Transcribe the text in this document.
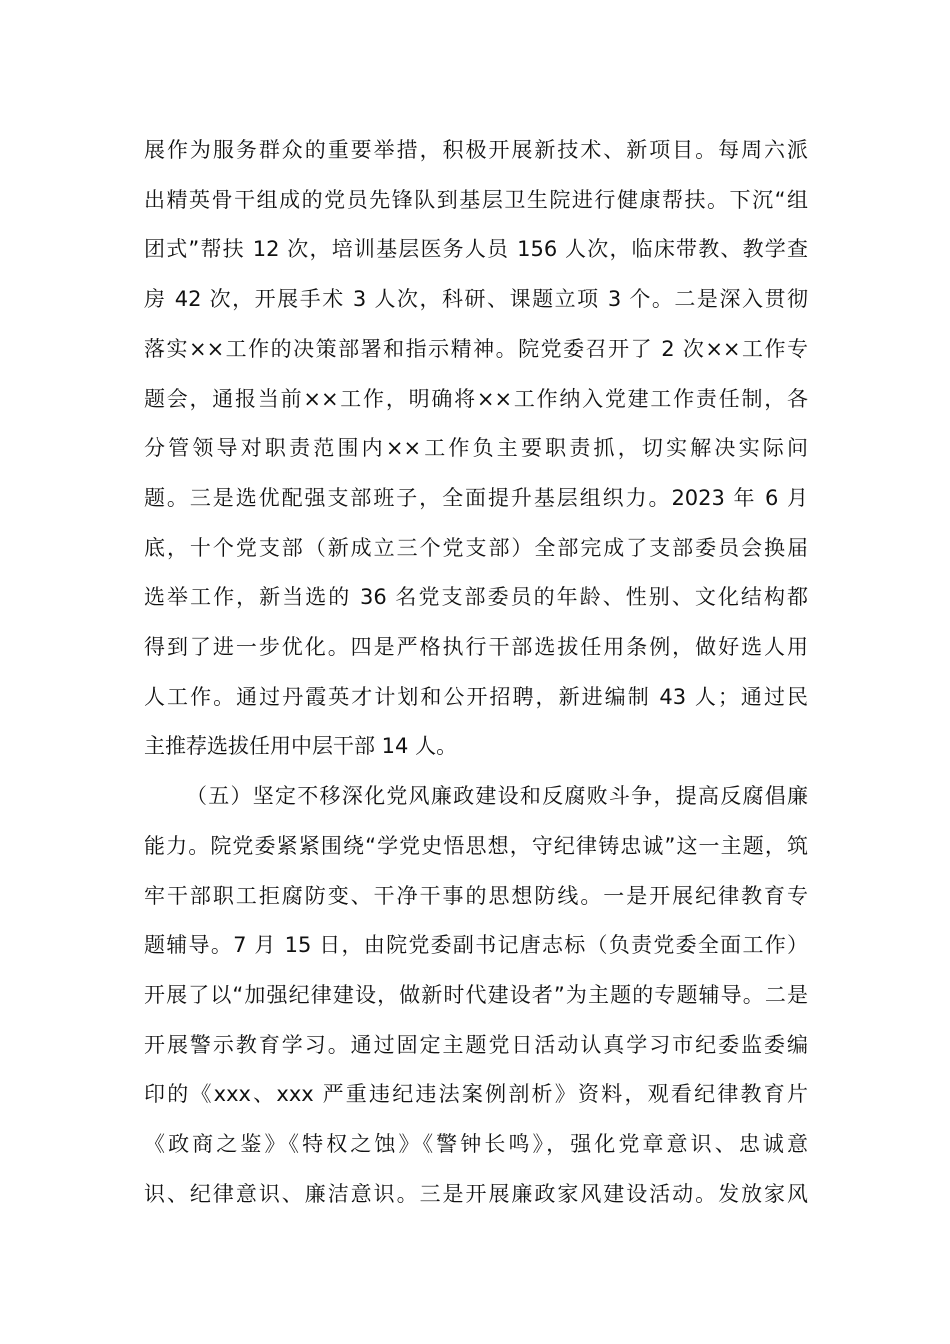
展作为服务群众的重要举措，积极开展新技术、新项目。每周六派
出精英骨干组成的党员先锋队到基层卫生院进行健康帮扶。下沉“组
团式”帮扶 12 次，培训基层医务人员 156 人次，临床带教、教学查
房 42 次，开展手术 3 人次，科研、课题立项 3 个。二是深入贯彻
落实××工作的决策部署和指示精神。院党委召开了 2 次××工作专
题会，通报当前××工作，明确将××工作纳入党建工作责任制，各
分管领导对职责范围内××工作负主要职责抓，切实解决实际问
题。三是选优配强支部班子，全面提升基层组织力。2023 年 6 月
底，十个党支部（新成立三个党支部）全部完成了支部委员会换届
选举工作，新当选的 36 名党支部委员的年龄、性别、文化结构都
得到了进一步优化。四是严格执行干部选拔任用条例，做好选人用
人工作。通过丹霞英才计划和公开招聘，新进编制 43 人；通过民
主推荐选拔任用中层干部 14 人。
（五）坚定不移深化党风廉政建设和反腐败斗争，提高反腐倡廉
能力。院党委紧紧围绕“学党史悟思想，守纪律铸忠诚”这一主题，筑
牢干部职工拒腐防变、干净干事的思想防线。一是开展纪律教育专
题辅导。7 月 15 日，由院党委副书记唐志标（负责党委全面工作）
开展了以“加强纪律建设，做新时代建设者”为主题的专题辅导。二是
开展警示教育学习。通过固定主题党日活动认真学习市纪委监委编
印的《xxx、xxx 严重违纪违法案例剖析》资料，观看纪律教育片
《政商之鉴》《特权之蚀》《警钟长鸣》，强化党章意识、忠诚意
识、纪律意识、廉洁意识。三是开展廉政家风建设活动。发放家风
